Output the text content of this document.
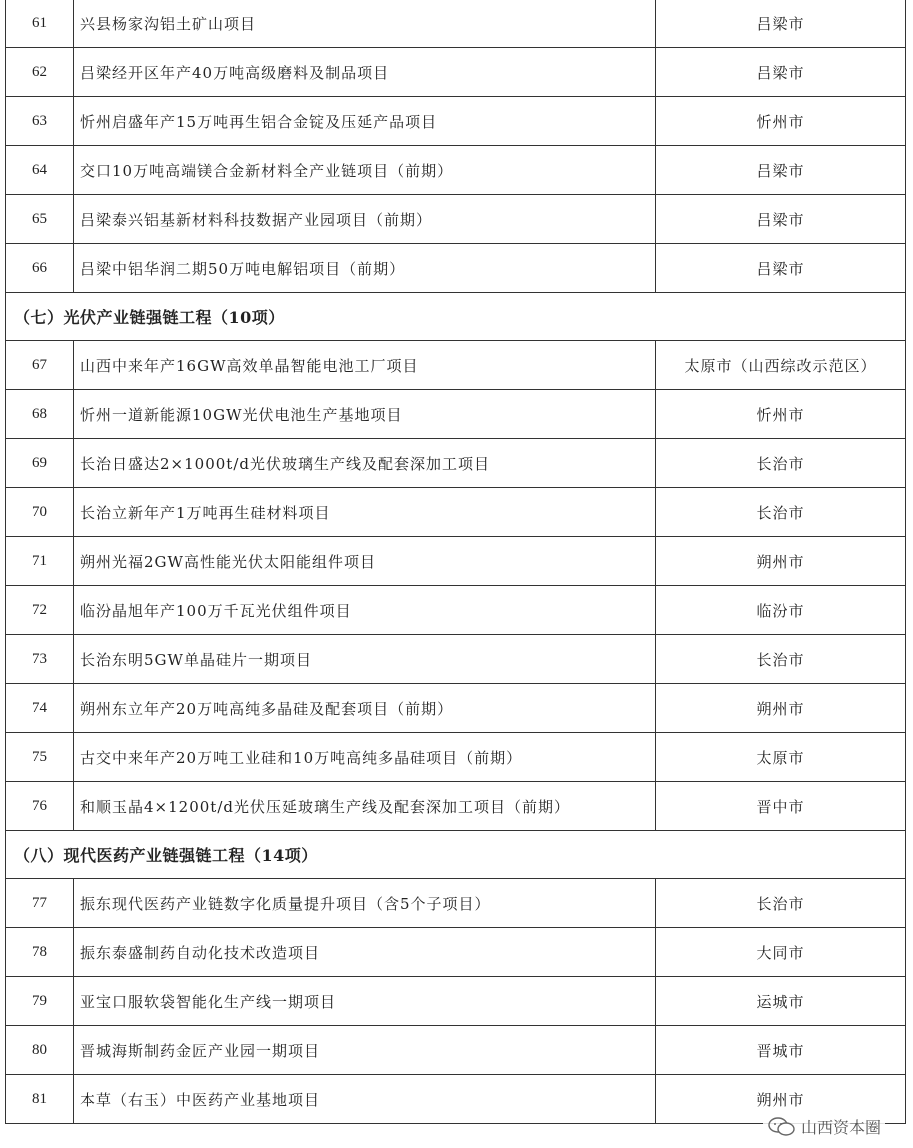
61	兴县杨家沟铝土矿山项目	吕梁市
62	吕梁经开区年产40万吨高级磨料及制品项目	吕梁市
63	忻州启盛年产15万吨再生铝合金锭及压延产品项目	忻州市
64	交口10万吨高端镁合金新材料全产业链项目（前期）	吕梁市
65	吕梁泰兴铝基新材料科技数据产业园项目（前期）	吕梁市
66	吕梁中铝华润二期50万吨电解铝项目（前期）	吕梁市
（七）光伏产业链强链工程（10项）		
67	山西中来年产16GW高效单晶智能电池工厂项目	太原市（山西综改示范区）
68	忻州一道新能源10GW光伏电池生产基地项目	忻州市
69	长治日盛达2×1000t/d光伏玻璃生产线及配套深加工项目	长治市
70	长治立新年产1万吨再生硅材料项目	长治市
71	朔州光福2GW高性能光伏太阳能组件项目	朔州市
72	临汾晶旭年产100万千瓦光伏组件项目	临汾市
73	长治东明5GW单晶硅片一期项目	长治市
74	朔州东立年产20万吨高纯多晶硅及配套项目（前期）	朔州市
75	古交中来年产20万吨工业硅和10万吨高纯多晶硅项目（前期）	太原市
76	和顺玉晶4×1200t/d光伏压延玻璃生产线及配套深加工项目（前期）	晋中市
（八）现代医药产业链强链工程（14项）		
77	振东现代医药产业链数字化质量提升项目（含5个子项目）	长治市
78	振东泰盛制药自动化技术改造项目	大同市
79	亚宝口服软袋智能化生产线一期项目	运城市
80	晋城海斯制药金匠产业园一期项目	晋城市
81	本草（右玉）中医药产业基地项目	朔州市
山西资本圈
